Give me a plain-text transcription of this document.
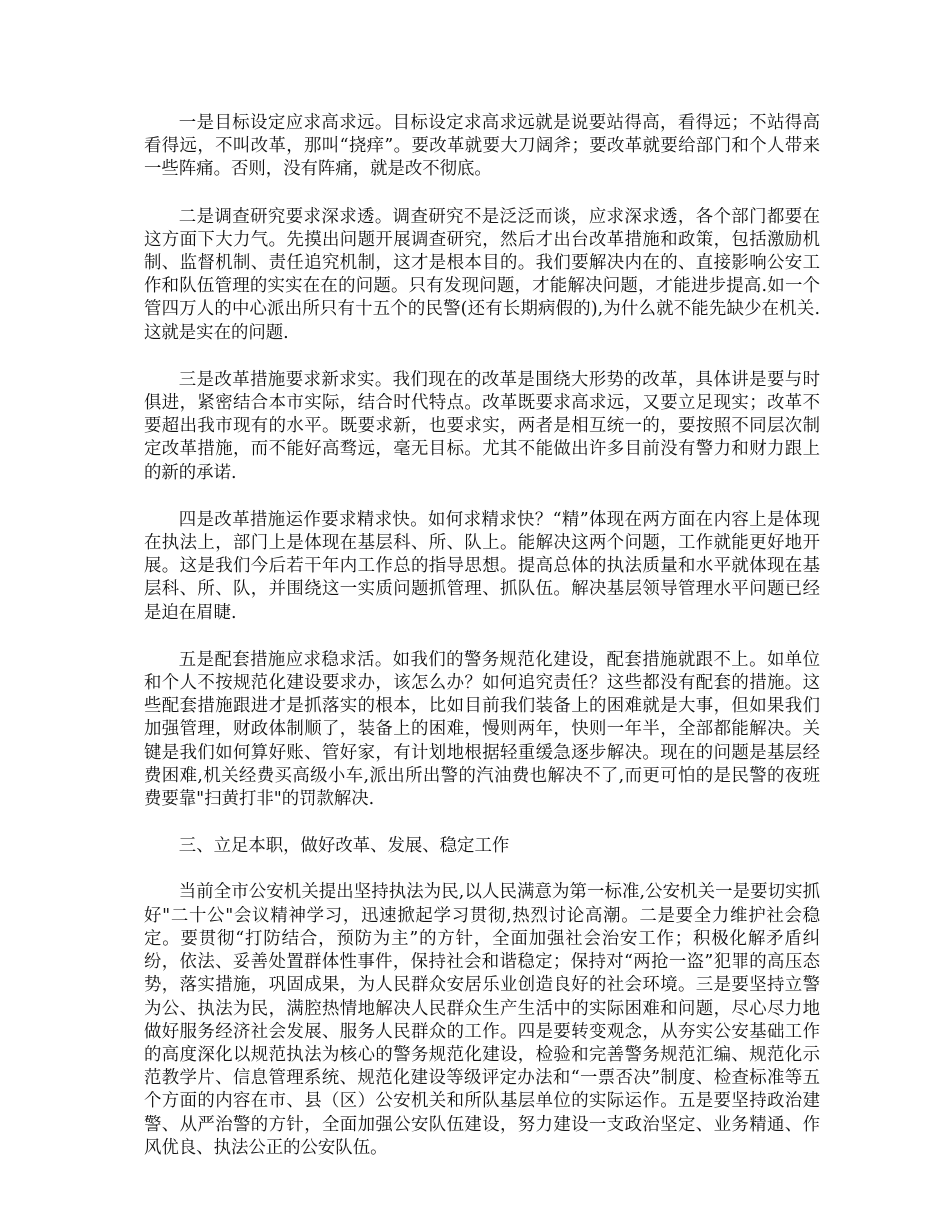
一是目标设定应求高求远。目标设定求高求远就是说要站得高，看得远；不站得高看得远，不叫改革，那叫“挠痒”。要改革就要大刀阔斧；要改革就要给部门和个人带来一些阵痛。否则，没有阵痛，就是改不彻底。

二是调查研究要求深求透。调查研究不是泛泛而谈，应求深求透，各个部门都要在这方面下大力气。先摸出问题开展调查研究，然后才出台改革措施和政策，包括激励机制、监督机制、责任追究机制，这才是根本目的。我们要解决内在的、直接影响公安工作和队伍管理的实实在在的问题。只有发现问题，才能解决问题，才能进步提高.如一个管四万人的中心派出所只有十五个的民警(还有长期病假的),为什么就不能先缺少在机关.这就是实在的问题.

三是改革措施要求新求实。我们现在的改革是围绕大形势的改革，具体讲是要与时俱进，紧密结合本市实际，结合时代特点。改革既要求高求远，又要立足现实；改革不要超出我市现有的水平。既要求新，也要求实，两者是相互统一的，要按照不同层次制定改革措施，而不能好高骛远，毫无目标。尤其不能做出许多目前没有警力和财力跟上的新的承诺.

四是改革措施运作要求精求快。如何求精求快？“精”体现在两方面在内容上是体现在执法上，部门上是体现在基层科、所、队上。能解决这两个问题，工作就能更好地开展。这是我们今后若干年内工作总的指导思想。提高总体的执法质量和水平就体现在基层科、所、队，并围绕这一实质问题抓管理、抓队伍。解决基层领导管理水平问题已经是迫在眉睫.

五是配套措施应求稳求活。如我们的警务规范化建设，配套措施就跟不上。如单位和个人不按规范化建设要求办，该怎么办？如何追究责任？这些都没有配套的措施。这些配套措施跟进才是抓落实的根本，比如目前我们装备上的困难就是大事，但如果我们加强管理，财政体制顺了，装备上的困难，慢则两年，快则一年半，全部都能解决。关键是我们如何算好账、管好家，有计划地根据轻重缓急逐步解决。现在的问题是基层经费困难,机关经费买高级小车,派出所出警的汽油费也解决不了,而更可怕的是民警的夜班费要靠"扫黄打非"的罚款解决.

三、立足本职，做好改革、发展、稳定工作

当前全市公安机关提出坚持执法为民,以人民满意为第一标准,公安机关一是要切实抓好"二十公"会议精神学习，迅速掀起学习贯彻,热烈讨论高潮。二是要全力维护社会稳定。要贯彻“打防结合，预防为主”的方针，全面加强社会治安工作；积极化解矛盾纠纷，依法、妥善处置群体性事件，保持社会和谐稳定；保持对“两抢一盗”犯罪的高压态势，落实措施，巩固成果，为人民群众安居乐业创造良好的社会环境。三是要坚持立警为公、执法为民，满腔热情地解决人民群众生产生活中的实际困难和问题，尽心尽力地做好服务经济社会发展、服务人民群众的工作。四是要转变观念，从夯实公安基础工作的高度深化以规范执法为核心的警务规范化建设，检验和完善警务规范汇编、规范化示范教学片、信息管理系统、规范化建设等级评定办法和“一票否决”制度、检查标准等五个方面的内容在市、县（区）公安机关和所队基层单位的实际运作。五是要坚持政治建警、从严治警的方针，全面加强公安队伍建设，努力建设一支政治坚定、业务精通、作风优良、执法公正的公安队伍。
